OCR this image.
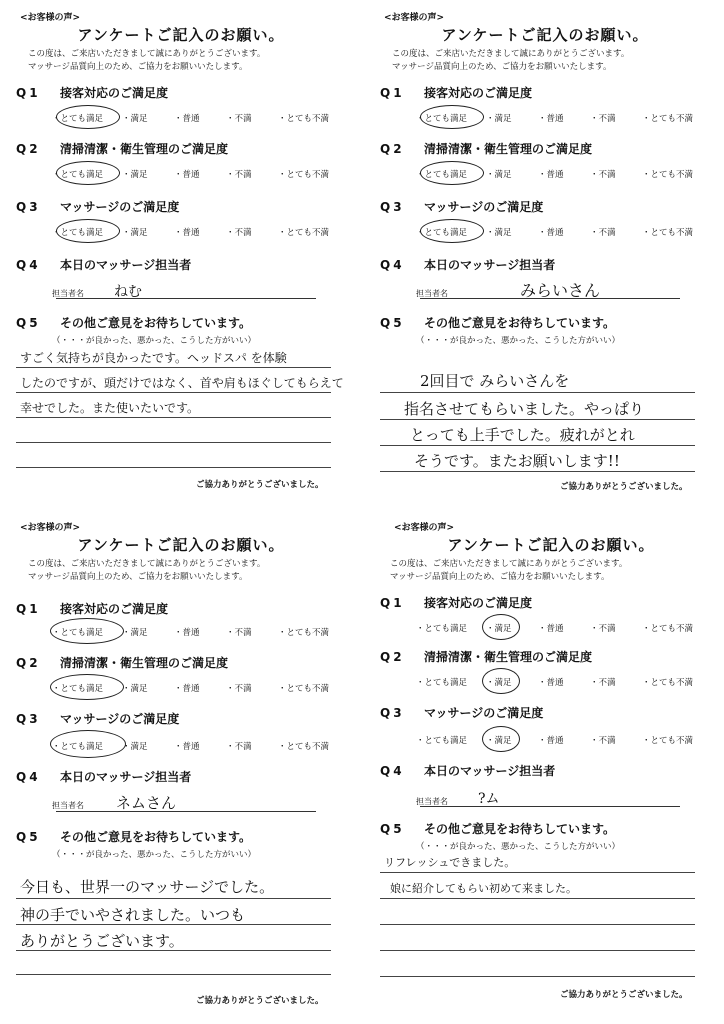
<お客様の声>
アンケートご記入のお願い。
この度は、ご来店いただきまして誠にありがとうございます。
マッサージ品質向上のため、ご協力をお願いいたします。
Q1 接客対応のご満足度
・とても満足 ・満足	・普通	・不満	・とても不満
Q2 清掃清潔・衛生管理のご満足度
・とても満足 ・満足	・普通	・不満	・とても不満
Q3 マッサージのご満足度
・とても満足 ・満足	・普通	・不満	・とても不満
Q4 本日のマッサージ担当者
担当者名 ねむ
Q5 その他ご意見をお待ちしています。
（・・・が良かった、悪かった、こうした方がいい）
すごく気持ちが良かったです。ヘッドスパ を体験
したのですが、頭だけではなく、首や肩もほぐしてもらえて
幸せでした。また使いたいです。
ご協力ありがとうございました。
<お客様の声>
アンケートご記入のお願い。
この度は、ご来店いただきまして誠にありがとうございます。
マッサージ品質向上のため、ご協力をお願いいたします。
Q1 接客対応のご満足度
・とても満足 ・満足	・普通	・不満	・とても不満
Q2 清掃清潔・衛生管理のご満足度
・とても満足 ・満足	・普通	・不満	・とても不満
Q3 マッサージのご満足度
・とても満足 ・満足	・普通	・不満	・とても不満
Q4 本日のマッサージ担当者
担当者名	みらいさん
Q5 その他ご意見をお待ちしています。
（・・・が良かった、悪かった、こうした方がいい）
2回目で みらいさんを
指名させてもらいました。やっぱり
とっても上手でした。疲れがとれ
そうです。またお願いします!!
ご協力ありがとうございました。
<お客様の声>
アンケートご記入のお願い。
この度は、ご来店いただきまして誠にありがとうございます。
マッサージ品質向上のため、ご協力をお願いいたします。
Q1 接客対応のご満足度
・とても満足 ・満足	・普通	・不満	・とても不満
Q2 清掃清潔・衛生管理のご満足度
・とても満足 ・満足	・普通	・不満	・とても不満
Q3 マッサージのご満足度
・とても満足 ・満足	・普通	・不満	・とても不満
Q4 本日のマッサージ担当者
担当者名 ネムさん
Q5 その他ご意見をお待ちしています。
（・・・が良かった、悪かった、こうした方がいい）
今日も、世界一のマッサージでした。
神の手でいやされました。いつも
ありがとうございます。
ご協力ありがとうございました。
<お客様の声>
アンケートご記入のお願い。
この度は、ご来店いただきまして誠にありがとうございます。
マッサージ品質向上のため、ご協力をお願いいたします。
Q1 接客対応のご満足度
・とても満足 ・満足	・普通	・不満	・とても不満
Q2 清掃清潔・衛生管理のご満足度
・とても満足 ・満足	・普通	・不満	・とても不満
Q3 マッサージのご満足度
・とても満足 ・満足	・普通	・不満	・とても不満
Q4 本日のマッサージ担当者
担当者名 ?ム
Q5 その他ご意見をお待ちしています。
（・・・が良かった、悪かった、こうした方がいい）
リフレッシュできました。
娘に紹介してもらい初めて来ました。
ご協力ありがとうございました。
